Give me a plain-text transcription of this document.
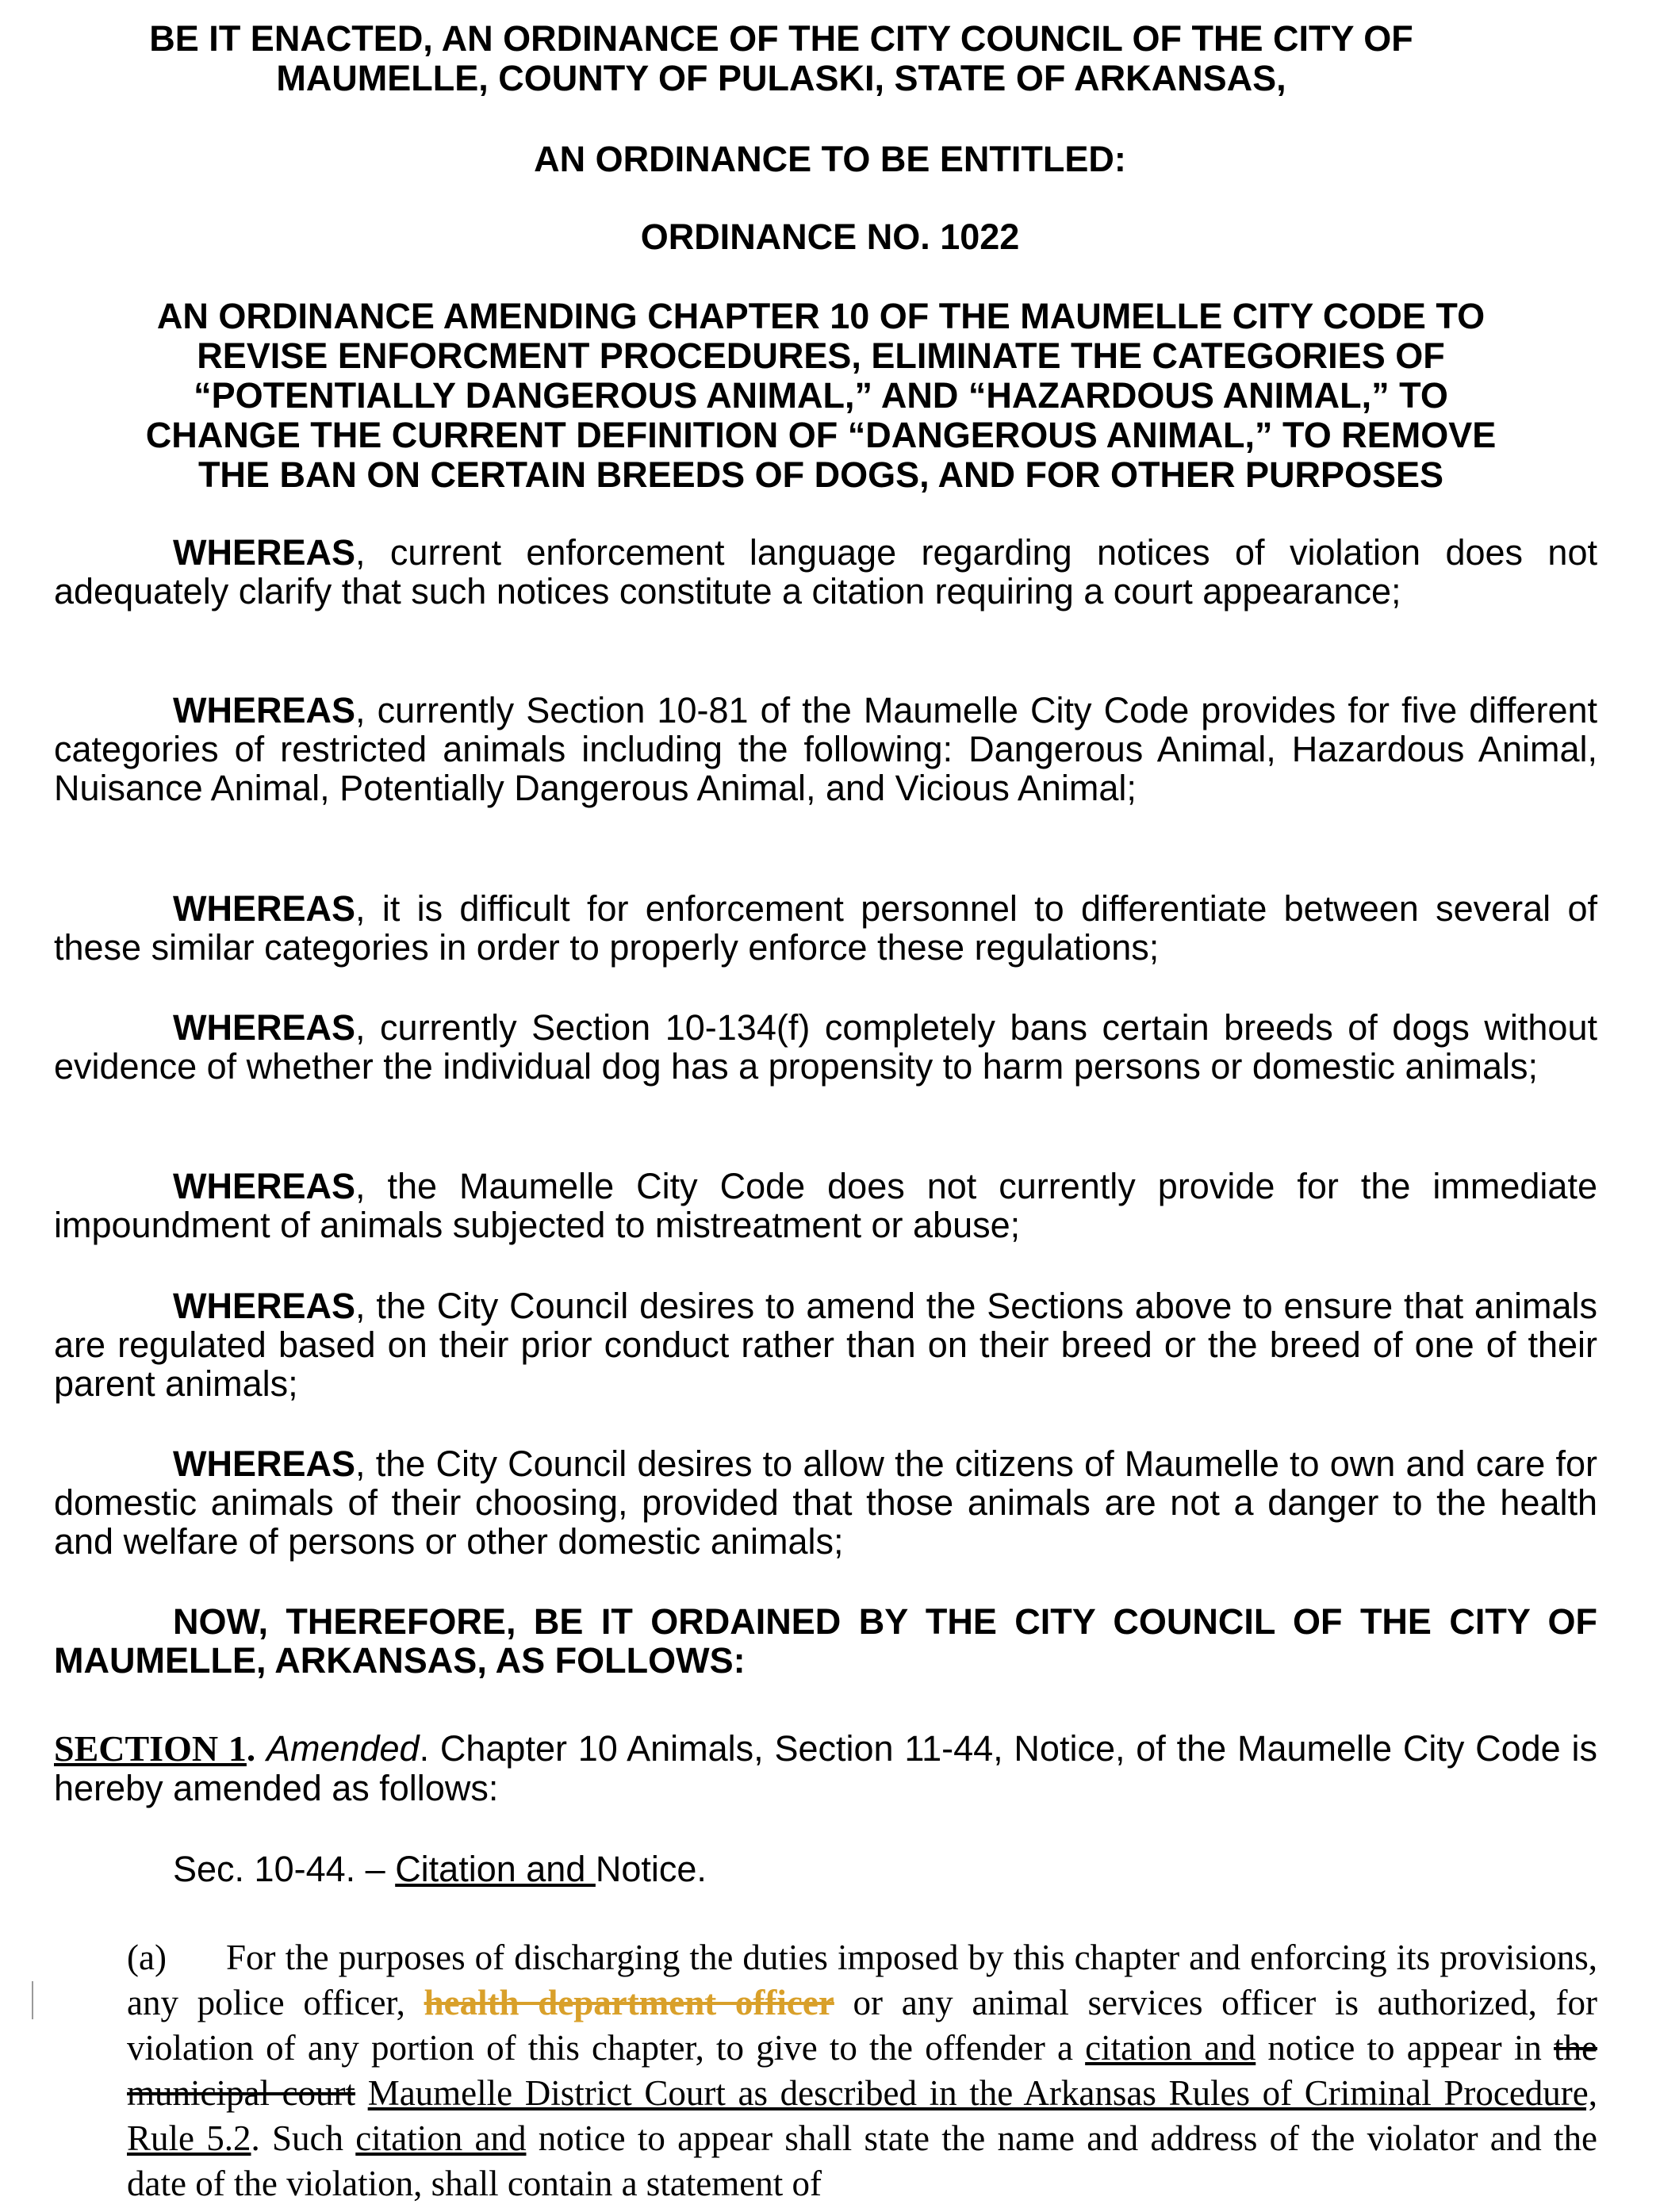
BE IT ENACTED, AN ORDINANCE OF THE CITY COUNCIL OF THE CITY OF
MAUMELLE, COUNTY OF PULASKI, STATE OF ARKANSAS,
AN ORDINANCE TO BE ENTITLED:
ORDINANCE NO. 1022
AN ORDINANCE AMENDING CHAPTER 10 OF THE MAUMELLE CITY CODE TO
REVISE ENFORCMENT PROCEDURES, ELIMINATE THE CATEGORIES OF
“POTENTIALLY DANGEROUS ANIMAL,” AND “HAZARDOUS ANIMAL,” TO
CHANGE THE CURRENT DEFINITION OF “DANGEROUS ANIMAL,” TO REMOVE
THE BAN ON CERTAIN BREEDS OF DOGS, AND FOR OTHER PURPOSES

WHEREAS, current enforcement language regarding notices of violation does not adequately clarify that such notices constitute a citation requiring a court appearance;

WHEREAS, currently Section 10-81 of the Maumelle City Code provides for five different categories of restricted animals including the following: Dangerous Animal, Hazardous Animal, Nuisance Animal, Potentially Dangerous Animal, and Vicious Animal;

WHEREAS, it is difficult for enforcement personnel to differentiate between several of these similar categories in order to properly enforce these regulations;

WHEREAS, currently Section 10-134(f) completely bans certain breeds of dogs without evidence of whether the individual dog has a propensity to harm persons or domestic animals;

WHEREAS, the Maumelle City Code does not currently provide for the immediate impoundment of animals subjected to mistreatment or abuse;

WHEREAS, the City Council desires to amend the Sections above to ensure that animals are regulated based on their prior conduct rather than on their breed or the breed of one of their parent animals;

WHEREAS, the City Council desires to allow the citizens of Maumelle to own and care for domestic animals of their choosing, provided that those animals are not a danger to the health and welfare of persons or other domestic animals;

NOW, THEREFORE, BE IT ORDAINED BY THE CITY COUNCIL OF THE CITY OF MAUMELLE, ARKANSAS, AS FOLLOWS:

SECTION 1. Amended. Chapter 10 Animals, Section 11-44, Notice, of the Maumelle City Code is hereby amended as follows:

Sec. 10-44. – Citation and Notice.

(a) For the purposes of discharging the duties imposed by this chapter and enforcing its provisions, any police officer, health department officer or any animal services officer is authorized, for violation of any portion of this chapter, to give to the offender a citation and notice to appear in the municipal court Maumelle District Court as described in the Arkansas Rules of Criminal Procedure, Rule 5.2. Such citation and notice to appear shall state the name and address of the violator and the date of the violation, shall contain a statement of
